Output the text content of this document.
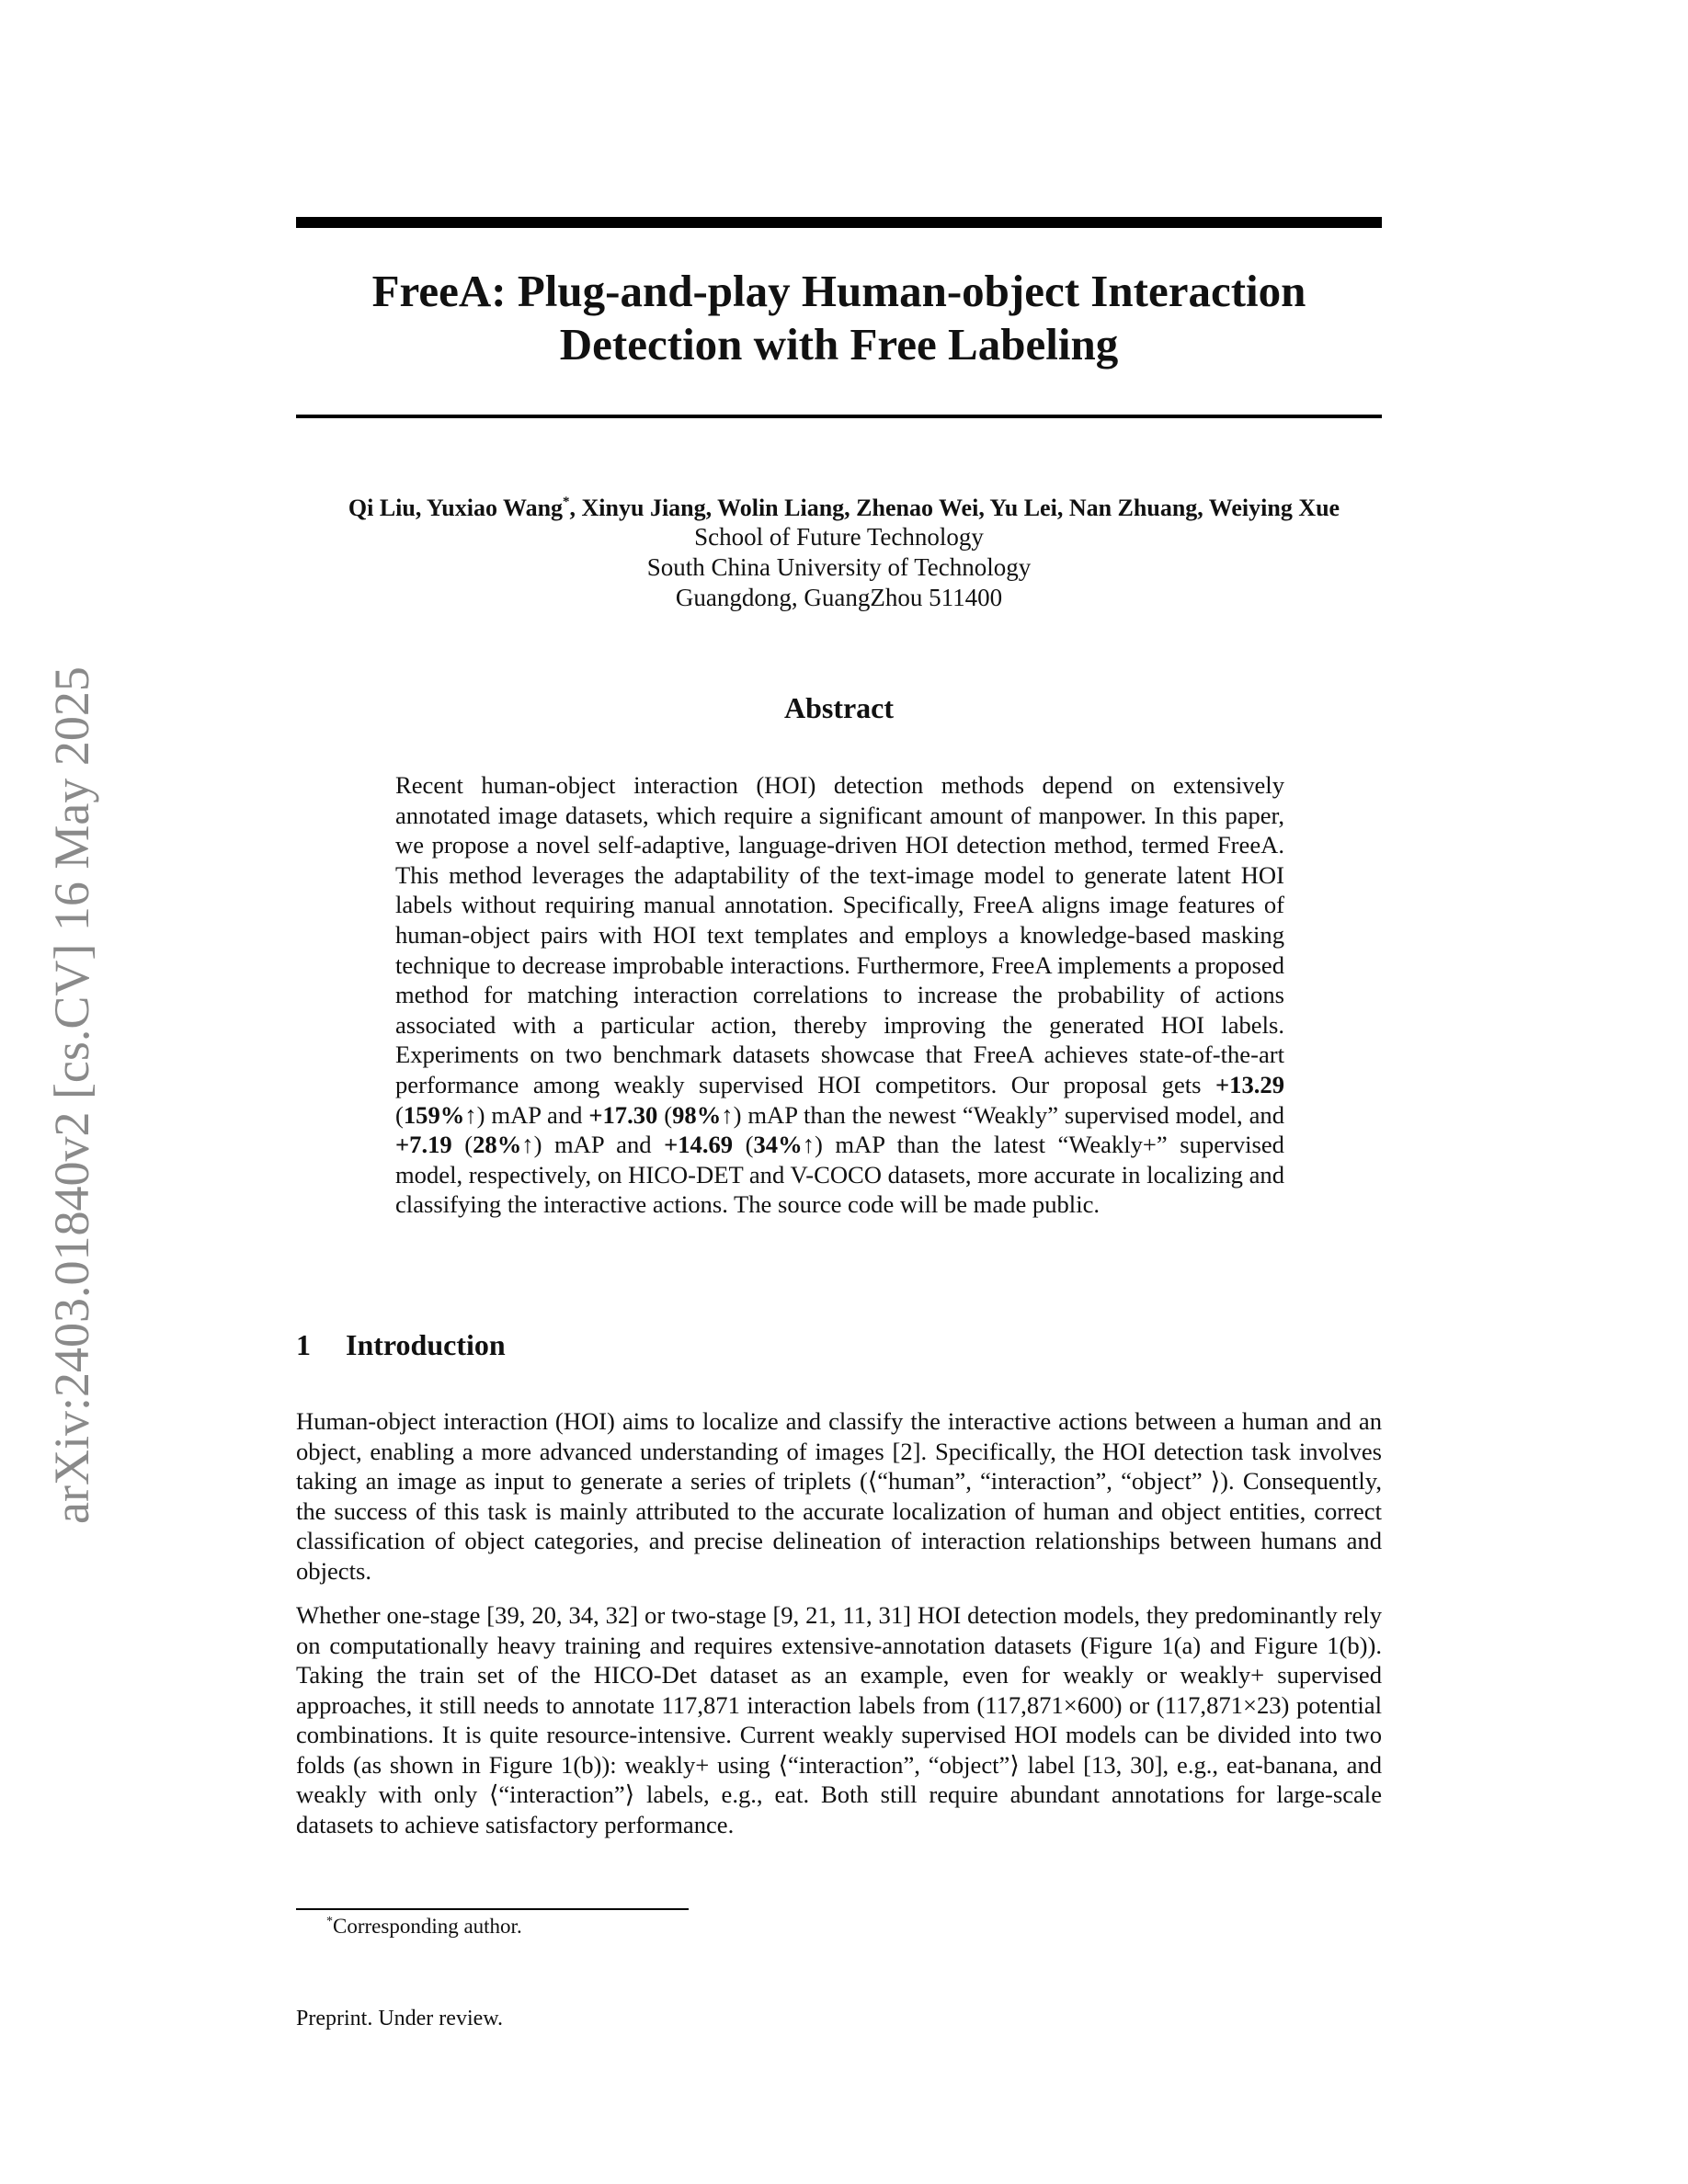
arXiv:2403.01840v2 [cs.CV] 16 May 2025
FreeA: Plug-and-play Human-object Interaction
Detection with Free Labeling
Qi Liu, Yuxiao Wang*, Xinyu Jiang, Wolin Liang, Zhenao Wei, Yu Lei, Nan Zhuang, Weiying Xue
School of Future Technology
South China University of Technology
Guangdong, GuangZhou 511400
Abstract

Recent human-object interaction (HOI) detection methods depend on extensively annotated image datasets, which require a significant amount of manpower. In this paper, we propose a novel self-adaptive, language-driven HOI detection method, termed FreeA. This method leverages the adaptability of the text-image model to generate latent HOI labels without requiring manual annotation. Specifically, FreeA aligns image features of human-object pairs with HOI text templates and employs a knowledge-based masking technique to decrease improbable interactions. Furthermore, FreeA implements a proposed method for matching interaction correlations to increase the probability of actions associated with a particular action, thereby improving the generated HOI labels. Experiments on two benchmark datasets showcase that FreeA achieves state-of-the-art performance among weakly supervised HOI competitors. Our proposal gets +13.29 (159%↑) mAP and +17.30 (98%↑) mAP than the newest “Weakly” supervised model, and +7.19 (28%↑) mAP and +14.69 (34%↑) mAP than the latest “Weakly+” supervised model, respectively, on HICO-DET and V-COCO datasets, more accurate in localizing and classifying the interactive actions. The source code will be made public.

1 Introduction

Human-object interaction (HOI) aims to localize and classify the interactive actions between a human and an object, enabling a more advanced understanding of images [2]. Specifically, the HOI detection task involves taking an image as input to generate a series of triplets (⟨“human”, “interaction”, “object” ⟩). Consequently, the success of this task is mainly attributed to the accurate localization of human and object entities, correct classification of object categories, and precise delineation of interaction relationships between humans and objects.

Whether one-stage [39, 20, 34, 32] or two-stage [9, 21, 11, 31] HOI detection models, they predominantly rely on computationally heavy training and requires extensive-annotation datasets (Figure 1(a) and Figure 1(b)). Taking the train set of the HICO-Det dataset as an example, even for weakly or weakly+ supervised approaches, it still needs to annotate 117,871 interaction labels from (117,871×600) or (117,871×23) potential combinations. It is quite resource-intensive. Current weakly supervised HOI models can be divided into two folds (as shown in Figure 1(b)): weakly+ using ⟨“interaction”, “object”⟩ label [13, 30], e.g., eat-banana, and weakly with only ⟨“interaction”⟩ labels, e.g., eat. Both still require abundant annotations for large-scale datasets to achieve satisfactory performance.

*Corresponding author.
Preprint. Under review.
